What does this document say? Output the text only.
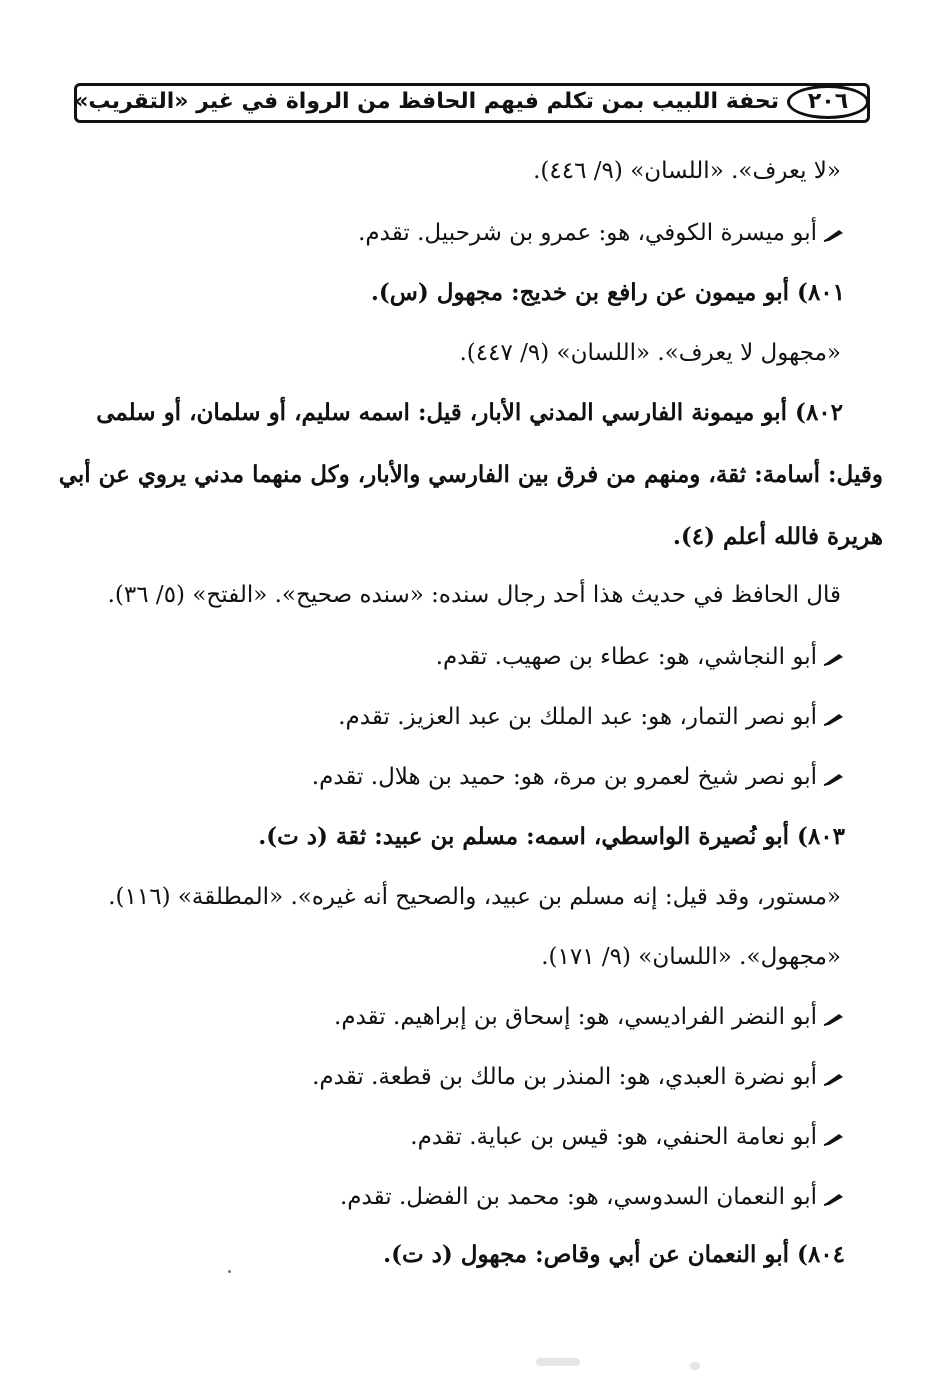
تحفة اللبيب بمن تكلم فيهم الحافظ من الرواة في غير «التقريب»	٢٠٦
«لا يعرف». «اللسان» (٩/ ٤٤٦).
أبو ميسرة الكوفي، هو: عمرو بن شرحبيل. تقدم.
٨٠١) أبو ميمون عن رافع بن خديج: مجهول (س).
«مجهول لا يعرف». «اللسان» (٩/ ٤٤٧).
٨٠٢) أبو ميمونة الفارسي المدني الأبار، قيل: اسمه سليم، أو سلمان، أو سلمى
وقيل: أسامة: ثقة، ومنهم من فرق بين الفارسي والأبار، وكل منهما مدني يروي عن أبي
هريرة فالله أعلم (٤).
قال الحافظ في حديث هذا أحد رجال سنده: «سنده صحيح». «الفتح» (٥/ ٣٦).
أبو النجاشي، هو: عطاء بن صهيب. تقدم.
أبو نصر التمار، هو: عبد الملك بن عبد العزيز. تقدم.
أبو نصر شيخ لعمرو بن مرة، هو: حميد بن هلال. تقدم.
٨٠٣) أبو نُصيرة الواسطي، اسمه: مسلم بن عبيد: ثقة (د ت).
«مستور، وقد قيل: إنه مسلم بن عبيد، والصحيح أنه غيره». «المطلقة» (١١٦).
«مجهول». «اللسان» (٩/ ١٧١).
أبو النضر الفراديسي، هو: إسحاق بن إبراهيم. تقدم.
أبو نضرة العبدي، هو: المنذر بن مالك بن قطعة. تقدم.
أبو نعامة الحنفي، هو: قيس بن عباية. تقدم.
أبو النعمان السدوسي، هو: محمد بن الفضل. تقدم.
٨٠٤) أبو النعمان عن أبي وقاص: مجهول (د ت).
